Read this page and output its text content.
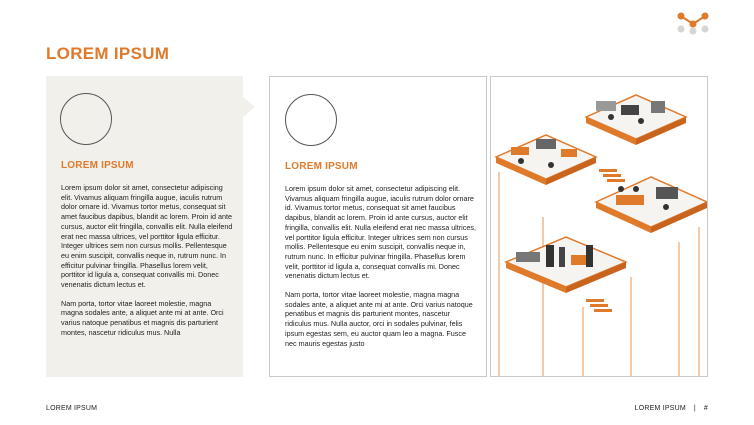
LOREM IPSUM
LOREM IPSUM

Lorem ipsum dolor sit amet, consectetur adipiscing elit. Vivamus aliquam fringilla augue, iaculis rutrum dolor ornare id. Vivamus tortor metus, consequat sit amet faucibus dapibus, blandit ac lorem. Proin id ante cursus, auctor elit fringilla, convallis elit. Nulla eleifend erat nec massa ultrices, vel porttitor ligula efficitur. Integer ultrices sem non cursus mollis. Pellentesque eu enim suscipit, convallis neque in, rutrum nunc. In efficitur pulvinar fringilla. Phasellus lorem velit, porttitor id ligula a, consequat convallis mi. Donec venenatis dictum lectus et.

Nam porta, tortor vitae laoreet molestie, magna magna sodales ante, a aliquet ante mi at ante. Orci varius natoque penatibus et magnis dis parturient montes, nascetur ridiculus mus. Nulla

LOREM IPSUM

Lorem ipsum dolor sit amet, consectetur adipiscing elit. Vivamus aliquam fringilla augue, iaculis rutrum dolor ornare id. Vivamus tortor metus, consequat sit amet faucibus dapibus, blandit ac lorem. Proin id ante cursus, auctor elit fringilla, convallis elit. Nulla eleifend erat nec massa ultrices, vel porttitor ligula efficitur. Integer ultrices sem non cursus mollis. Pellentesque eu enim suscipit, convallis neque in, rutrum nunc. In efficitur pulvinar fringilla. Phasellus lorem velit, porttitor id ligula a, consequat convallis mi. Donec venenatis dictum lectus et.

Nam porta, tortor vitae laoreet molestie, magna magna sodales ante, a aliquet ante mi at ante. Orci varius natoque penatibus et magnis dis parturient montes, nascetur ridiculus mus. Nulla auctor, orci in sodales pulvinar, felis ipsum egestas sem, eu auctor quam leo a magna. Fusce nec mauris egestas justo

LOREM IPSUM	LOREM IPSUM | #
